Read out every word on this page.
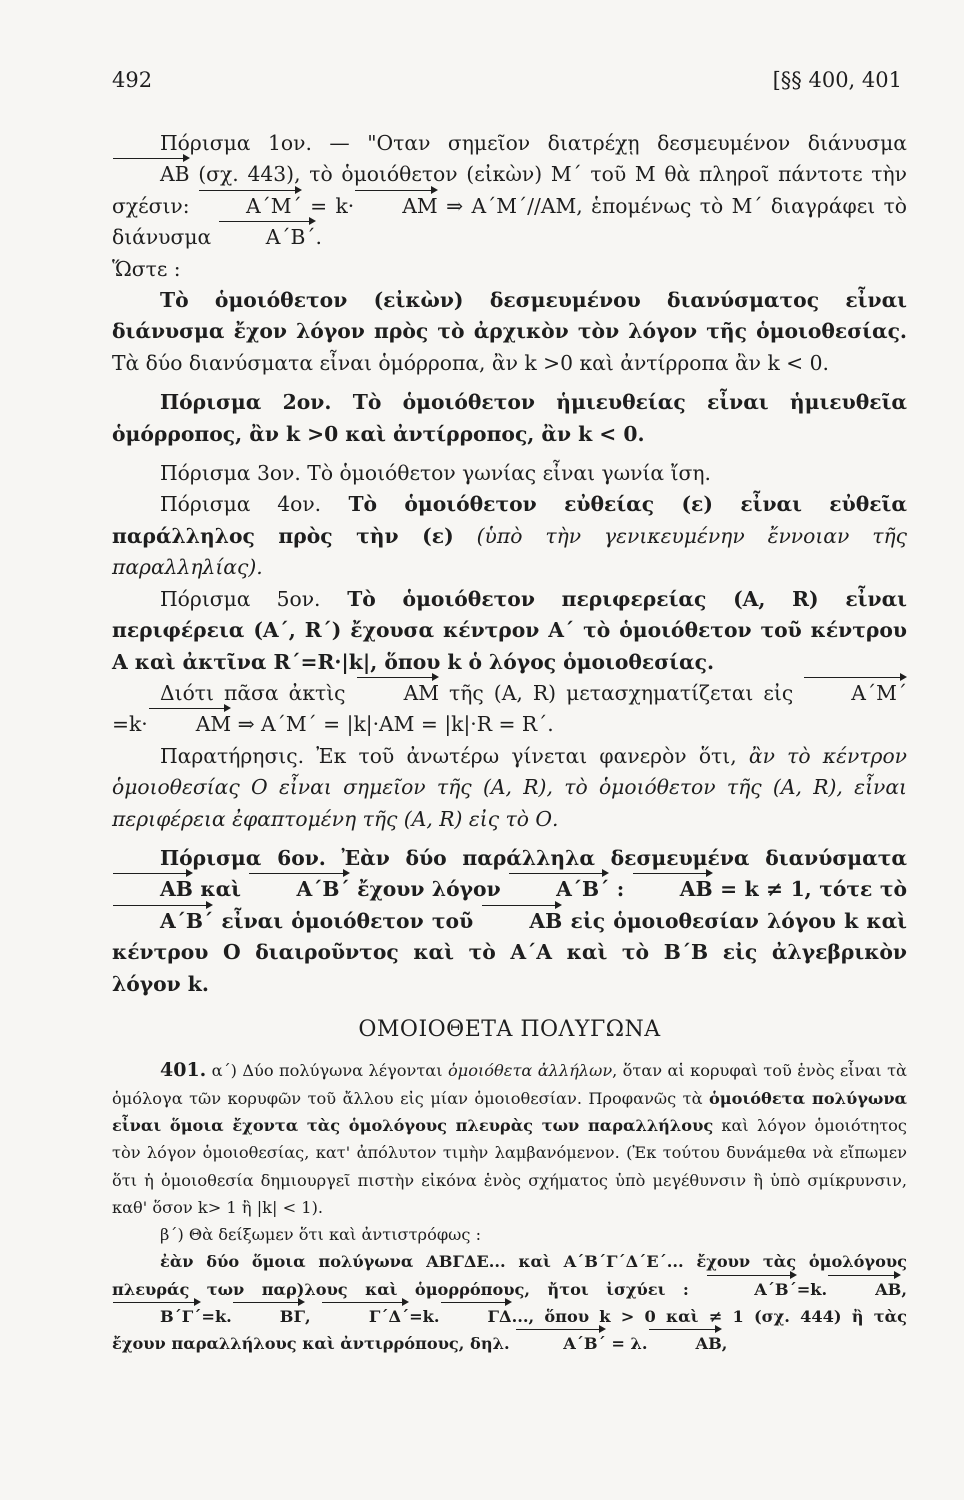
492	[§§ 400, 401

Πόρισμα 1ον. — "Οταν σημεῖον διατρέχῃ δεσμευμένον διάνυσμα AB (σχ. 443), τὸ ὁμοιόθετον (εἰκὼν) Μ΄ τοῦ Μ θὰ πληροῖ πάντοτε τὴν σχέσιν:	Α΄Μ΄ = k· ΑΜ ⇒ Α΄Μ΄//ΑΜ, ἑπομένως τὸ Μ΄ διαγράφει τὸ διάνυσμα Α΄Β΄.

Ὥστε :

Τὸ ὁμοιόθετον (εἰκὼν) δεσμευμένου διανύσματος εἶναι διάνυσμα ἔχον λόγον πρὸς τὸ ἀρχικὸν τὸν λόγον τῆς ὁμοιοθεσίας. Τὰ δύο διανύσματα εἶναι ὁμόρροπα, ἂν k >0 καὶ ἀντίρροπα ἂν k < 0.

Πόρισμα 2ον. Τὸ ὁμοιόθετον ἡμιευθείας εἶναι ἡμιευθεῖα ὁμόρροπος, ἂν k >0 καὶ ἀντίρροπος, ἂν k < 0.

Πόρισμα 3ον. Τὸ ὁμοιόθετον γωνίας εἶναι γωνία ἴση.

Πόρισμα 4ον. Τὸ ὁμοιόθετον εὐθείας (ε) εἶναι εὐθεῖα παράλληλος πρὸς τὴν (ε) (ὑπὸ τὴν γενικευμένην ἔννοιαν τῆς παραλληλίας).

Πόρισμα 5ον. Τὸ ὁμοιόθετον περιφερείας (Α, R) εἶναι περιφέρεια (Α΄, R΄) ἔχουσα κέντρον Α΄ τὸ ὁμοιόθετον τοῦ κέντρου Α καὶ ἀκτῖνα R΄=R·|k|, ὅπου k ὁ λόγος ὁμοιοθεσίας.

Διότι πᾶσα ἀκτὶς ΑΜ τῆς (Α, R) μετασχηματίζεται εἰς Α΄Μ΄ =k· ΑΜ ⇒ Α΄Μ΄ = |k|·ΑΜ = |k|·R = R΄.

Παρατήρησις. Ἐκ τοῦ ἀνωτέρω γίνεται φανερὸν ὅτι, ἂν τὸ κέντρον ὁμοιοθεσίας Ο εἶναι σημεῖον τῆς (Α, R), τὸ ὁμοιόθετον τῆς (Α, R), εἶναι περιφέρεια ἐφαπτομένη τῆς (Α, R) εἰς τὸ Ο.

Πόρισμα 6ον. Ἐὰν δύο παράλληλα δεσμευμένα διανύσματα ΑΒ καὶ Α΄Β΄ ἔχουν λόγον Α΄Β΄ : ΑΒ = k ≠ 1, τότε τὸ Α΄Β΄ εἶναι ὁμοιόθετον τοῦ ΑΒ εἰς ὁμοιοθεσίαν λόγου k καὶ κέντρου Ο διαιροῦντος καὶ τὸ Α΄Α καὶ τὸ Β΄Β εἰς ἀλγεβρικὸν λόγον k.

ΟΜΟΙΟΘΕΤΑ ΠΟΛΥΓΩΝΑ

401. α΄) Δύο πολύγωνα λέγονται ὁμοιόθετα ἀλλήλων, ὅταν αἱ κορυφαὶ τοῦ ἑνὸς εἶναι τὰ ὁμόλογα τῶν κορυφῶν τοῦ ἄλλου εἰς μίαν ὁμοιοθεσίαν. Προφανῶς τὰ ὁμοιόθετα πολύγωνα εἶναι ὅμοια ἔχοντα τὰς ὁμολόγους πλευρὰς των παραλλήλους καὶ λόγον ὁμοιότητος τὸν λόγον ὁμοιοθεσίας, κατ' ἀπόλυτον τιμὴν λαμβανόμενον. (Ἐκ τούτου δυνάμεθα νὰ εἴπωμεν ὅτι ἡ ὁμοιοθεσία δημιουργεῖ πιστὴν εἰκόνα ἑνὸς σχήματος ὑπὸ μεγέθυνσιν ἢ ὑπὸ σμίκρυνσιν, καθ' ὅσον k> 1 ἢ |k| < 1).

β΄) Θὰ δείξωμεν ὅτι καὶ ἀντιστρόφως :

ἐὰν δύο ὅμοια πολύγωνα ΑΒΓΔΕ... καὶ Α΄Β΄Γ΄Δ΄Ε΄... ἔχουν τὰς ὁμολόγους πλευράς των παρ)λους καὶ ὁμορρόπους, ἤτοι ἰσχύει :	Α΄Β΄=k.	ΑΒ, Β΄Γ΄=k.	ΒΓ,	Γ΄Δ΄=k.	ΓΔ..., ὅπου k > 0 καὶ ≠ 1 (σχ. 444) ἢ τὰς ἔχουν παραλλήλους καὶ ἀντιρρόπους, δηλ.	Α΄Β΄ = λ.	ΑΒ,
